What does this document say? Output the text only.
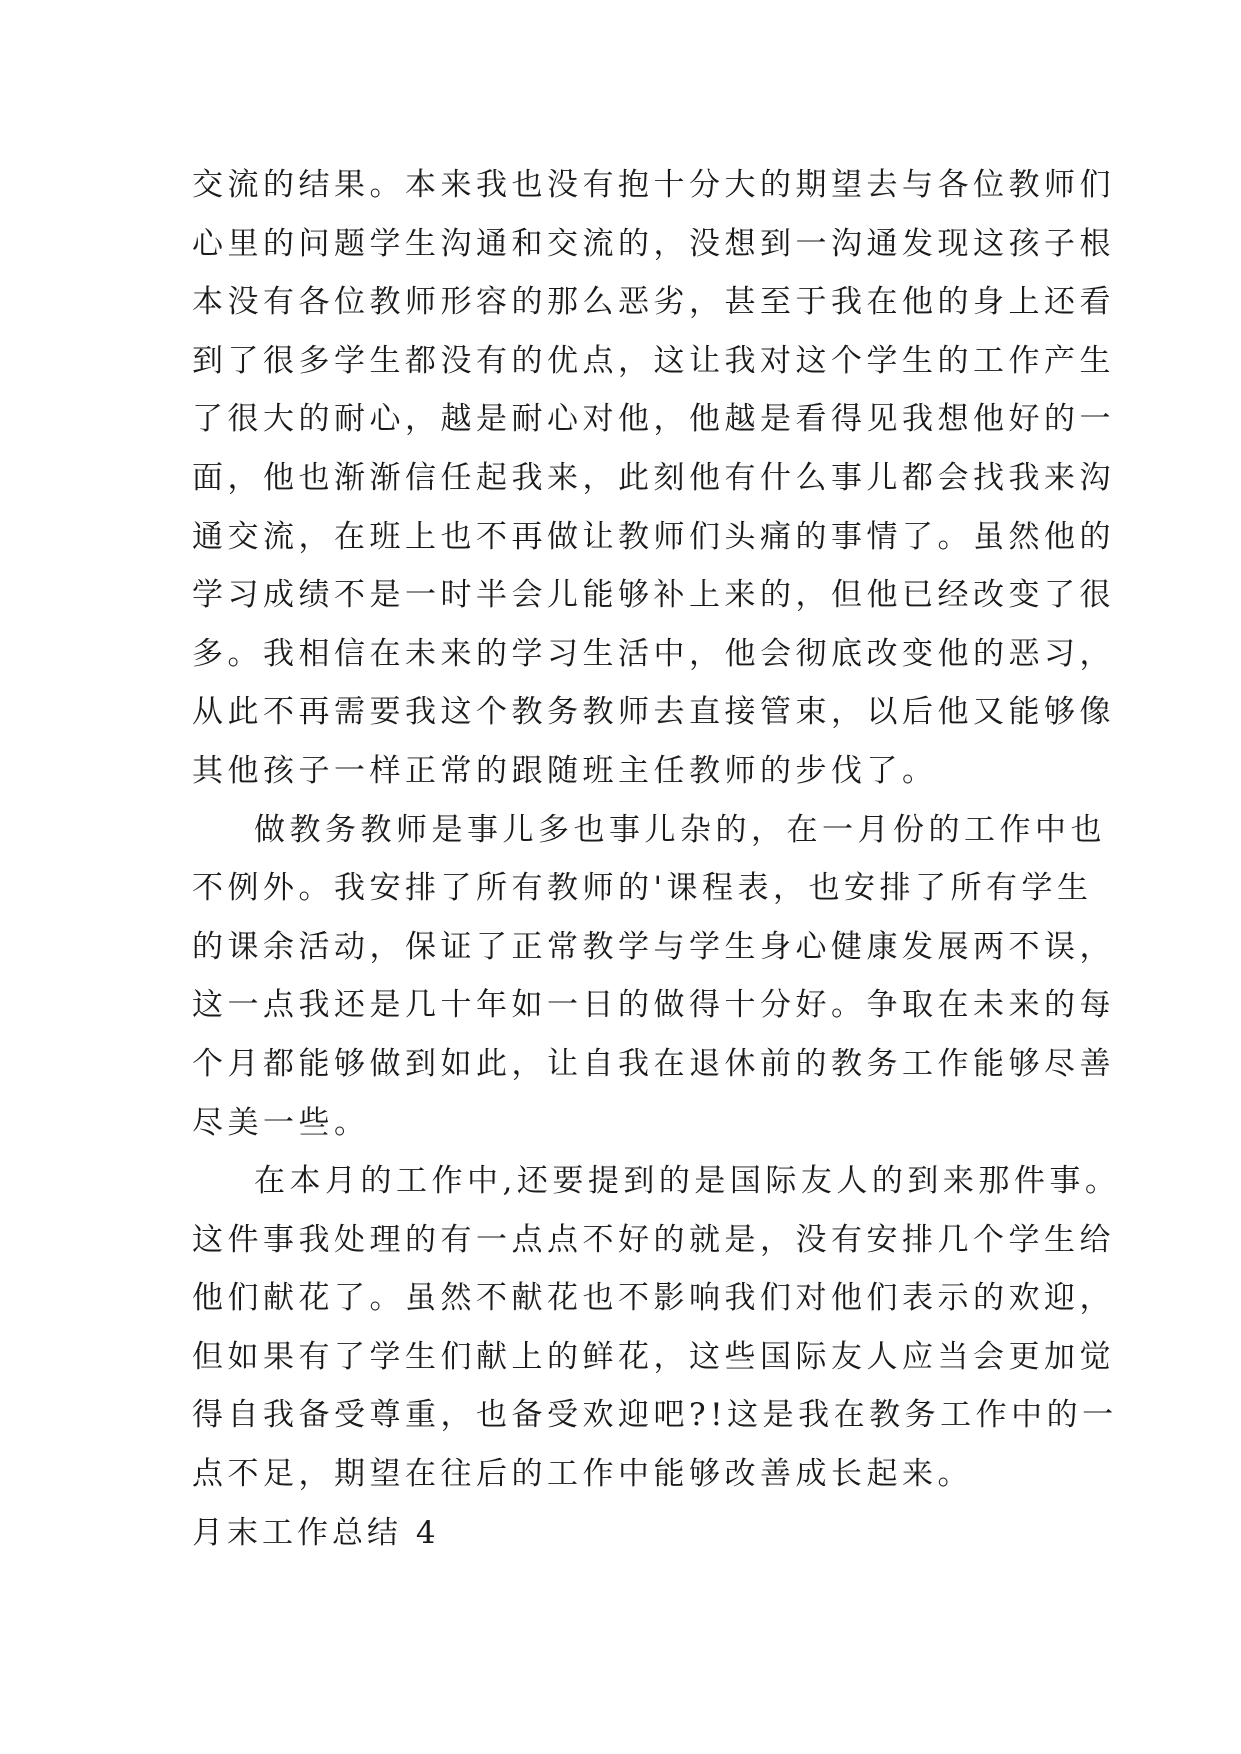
交流的结果。本来我也没有抱十分大的期望去与各位教师们
心里的问题学生沟通和交流的，没想到一沟通发现这孩子根
本没有各位教师形容的那么恶劣，甚至于我在他的身上还看
到了很多学生都没有的优点，这让我对这个学生的工作产生
了很大的耐心，越是耐心对他，他越是看得见我想他好的一
面，他也渐渐信任起我来，此刻他有什么事儿都会找我来沟
通交流，在班上也不再做让教师们头痛的事情了。虽然他的
学习成绩不是一时半会儿能够补上来的，但他已经改变了很
多。我相信在未来的学习生活中，他会彻底改变他的恶习，
从此不再需要我这个教务教师去直接管束，以后他又能够像
其他孩子一样正常的跟随班主任教师的步伐了。
做教务教师是事儿多也事儿杂的，在一月份的工作中也
不例外。我安排了所有教师的'课程表，也安排了所有学生
的课余活动，保证了正常教学与学生身心健康发展两不误，
这一点我还是几十年如一日的做得十分好。争取在未来的每
个月都能够做到如此，让自我在退休前的教务工作能够尽善
尽美一些。
在本月的工作中,还要提到的是国际友人的到来那件事。
这件事我处理的有一点点不好的就是，没有安排几个学生给
他们献花了。虽然不献花也不影响我们对他们表示的欢迎，
但如果有了学生们献上的鲜花，这些国际友人应当会更加觉
得自我备受尊重，也备受欢迎吧?!这是我在教务工作中的一
点不足，期望在往后的工作中能够改善成长起来。
月末工作总结 4
